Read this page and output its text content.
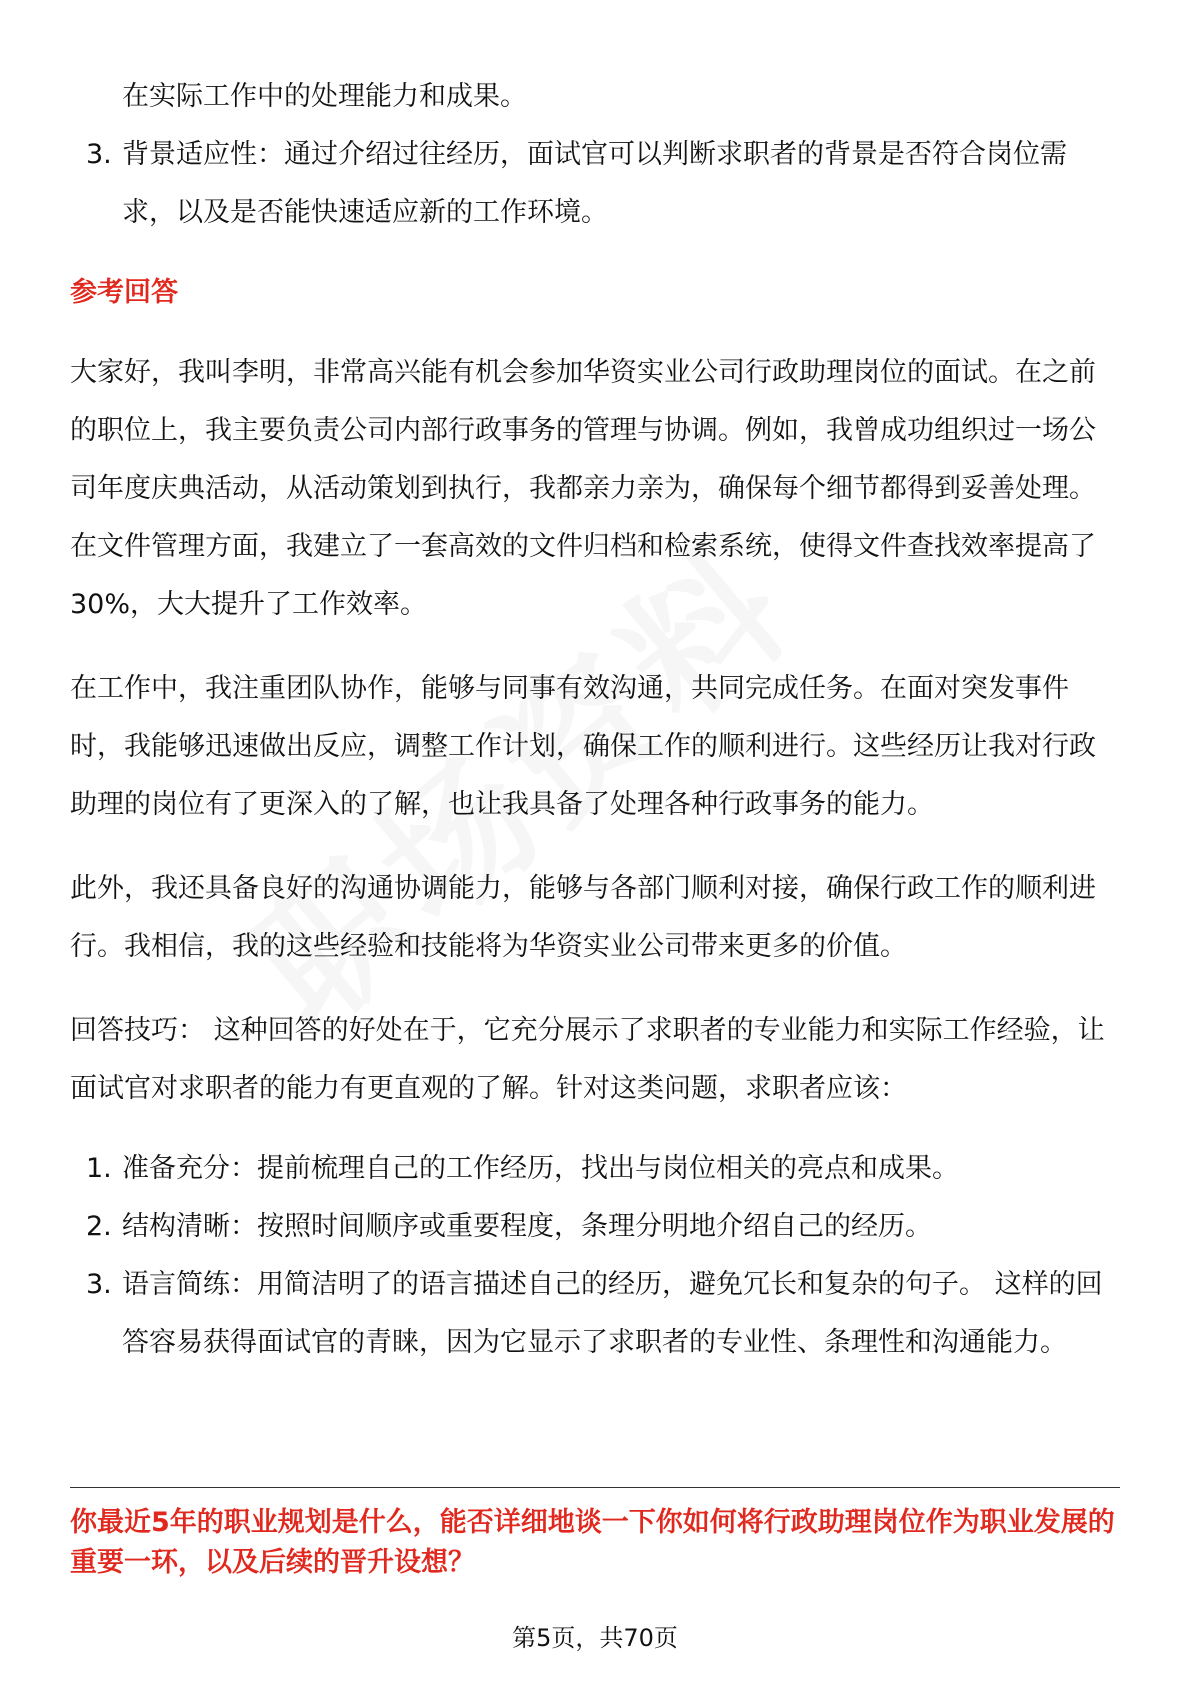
在实际工作中的处理能力和成果。
3. 背景适应性：通过介绍过往经历，面试官可以判断求职者的背景是否符合岗位需求，以及是否能快速适应新的工作环境。

参考回答

大家好，我叫李明，非常高兴能有机会参加华资实业公司行政助理岗位的面试。在之前的职位上，我主要负责公司内部行政事务的管理与协调。例如，我曾成功组织过一场公司年度庆典活动，从活动策划到执行，我都亲力亲为，确保每个细节都得到妥善处理。在文件管理方面，我建立了一套高效的文件归档和检索系统，使得文件查找效率提高了30%，大大提升了工作效率。

在工作中，我注重团队协作，能够与同事有效沟通，共同完成任务。在面对突发事件时，我能够迅速做出反应，调整工作计划，确保工作的顺利进行。这些经历让我对行政助理的岗位有了更深入的了解，也让我具备了处理各种行政事务的能力。

此外，我还具备良好的沟通协调能力，能够与各部门顺利对接，确保行政工作的顺利进行。我相信，我的这些经验和技能将为华资实业公司带来更多的价值。

回答技巧： 这种回答的好处在于，它充分展示了求职者的专业能力和实际工作经验，让面试官对求职者的能力有更直观的了解。针对这类问题，求职者应该：

1. 准备充分：提前梳理自己的工作经历，找出与岗位相关的亮点和成果。
2. 结构清晰：按照时间顺序或重要程度，条理分明地介绍自己的经历。
3. 语言简练：用简洁明了的语言描述自己的经历，避免冗长和复杂的句子。 这样的回答容易获得面试官的青睐，因为它显示了求职者的专业性、条理性和沟通能力。

你最近5年的职业规划是什么，能否详细地谈一下你如何将行政助理岗位作为职业发展的重要一环，以及后续的晋升设想？

第5页，共70页
